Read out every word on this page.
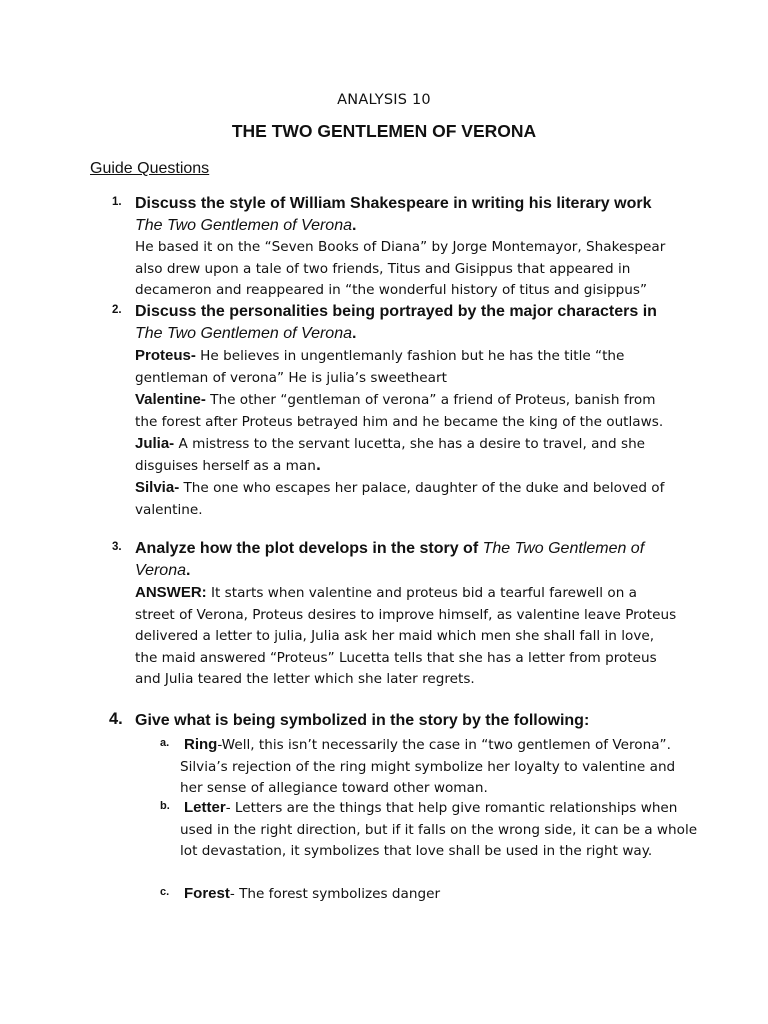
ANALYSIS 10
THE TWO GENTLEMEN OF VERONA
Guide Questions
1. Discuss the style of William Shakespeare in writing his literary work
The Two Gentlemen of Verona.
He based it on the “Seven Books of Diana” by Jorge Montemayor, Shakespear also drew upon a tale of two friends, Titus and Gisippus that appeared in decameron and reappeared in “the wonderful history of titus and gisippus”
2. Discuss the personalities being portrayed by the major characters in
The Two Gentlemen of Verona.
Proteus- He believes in ungentlemanly fashion but he has the title “the gentleman of verona” He is julia’s sweetheart
Valentine- The other “gentleman of verona” a friend of Proteus, banish from the forest after Proteus betrayed him and he became the king of the outlaws.
Julia- A mistress to the servant lucetta, she has a desire to travel, and she disguises herself as a man.
Silvia- The one who escapes her palace, daughter of the duke and beloved of valentine.
3. Analyze how the plot develops in the story of The Two Gentlemen of Verona.
ANSWER: It starts when valentine and proteus bid a tearful farewell on a street of Verona, Proteus desires to improve himself, as valentine leave Proteus delivered a letter to julia, Julia ask her maid which men she shall fall in love, the maid answered “Proteus” Lucetta tells that she has a letter from proteus and Julia teared the letter which she later regrets.
4. Give what is being symbolized in the story by the following:
a. Ring-Well, this isn’t necessarily the case in “two gentlemen of Verona”. Silvia’s rejection of the ring might symbolize her loyalty to valentine and her sense of allegiance toward other woman.
b. Letter- Letters are the things that help give romantic relationships when used in the right direction, but if it falls on the wrong side, it can be a whole lot devastation, it symbolizes that love shall be used in the right way.
c. Forest- The forest symbolizes danger
